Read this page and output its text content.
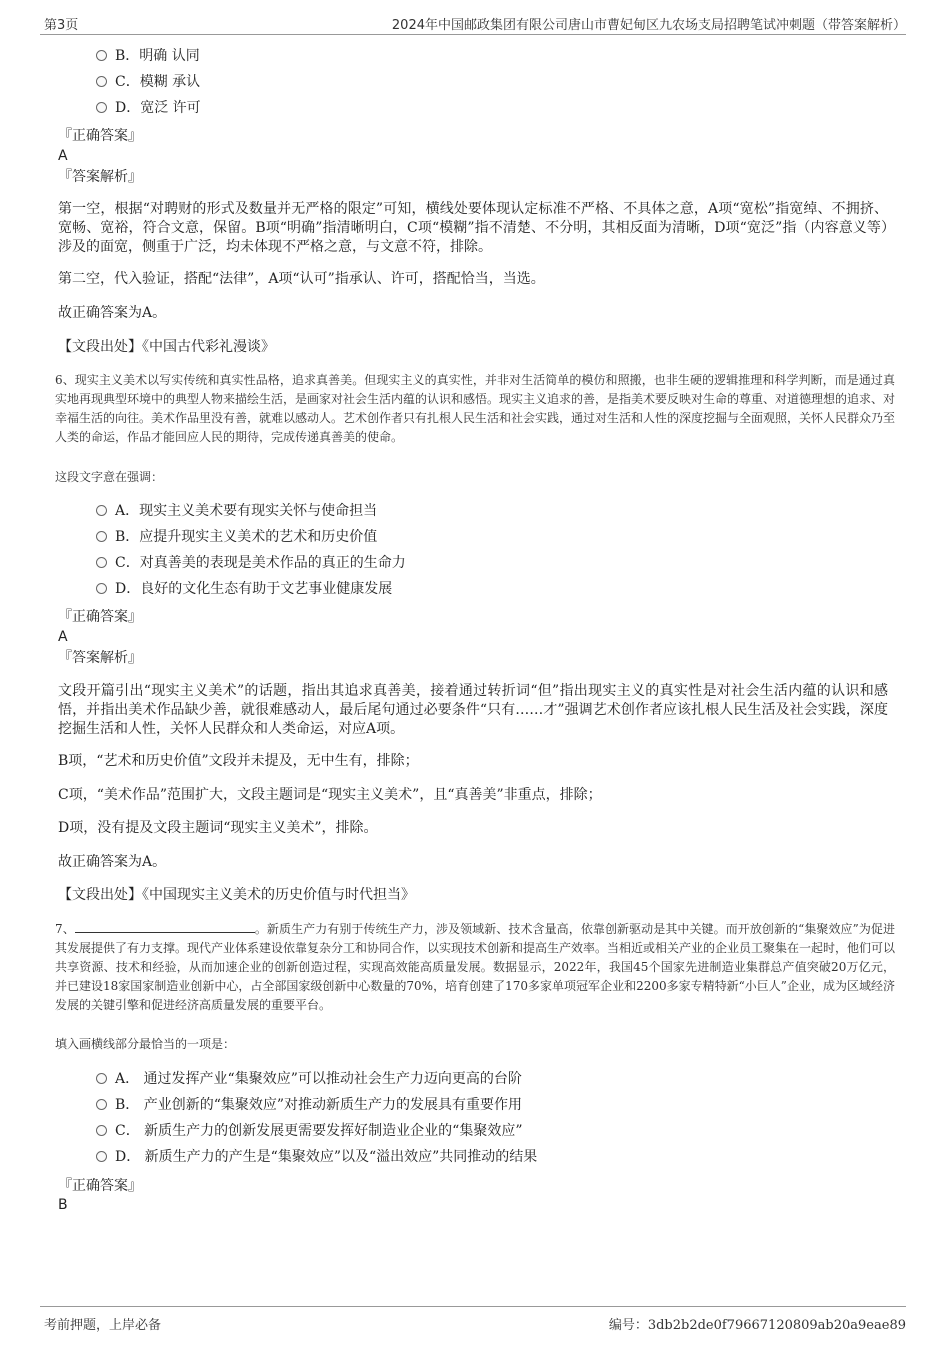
第3页	2024年中国邮政集团有限公司唐山市曹妃甸区九农场支局招聘笔试冲刺题（带答案解析）
B．明确 认同
C．模糊 承认
D．宽泛 许可
『正确答案』
A
『答案解析』
第一空，根据“对聘财的形式及数量并无严格的限定”可知，横线处要体现认定标准不严格、不具体之意，A项“宽松”指宽绰、不拥挤、宽畅、宽裕，符合文意，保留。B项“明确”指清晰明白，C项“模糊”指不清楚、不分明，其相反面为清晰，D项“宽泛”指（内容意义等）涉及的面宽，侧重于广泛，均未体现不严格之意，与文意不符，排除。
第二空，代入验证，搭配“法律”，A项“认可”指承认、许可，搭配恰当，当选。
故正确答案为A。
【文段出处】《中国古代彩礼漫谈》
6、现实主义美术以写实传统和真实性品格，追求真善美。但现实主义的真实性，并非对生活简单的模仿和照搬，也非生硬的逻辑推理和科学判断，而是通过真实地再现典型环境中的典型人物来描绘生活，是画家对社会生活内蕴的认识和感悟。现实主义追求的善，是指美术要反映对生命的尊重、对道德理想的追求、对幸福生活的向往。美术作品里没有善，就难以感动人。艺术创作者只有扎根人民生活和社会实践，通过对生活和人性的深度挖掘与全面观照，关怀人民群众乃至人类的命运，作品才能回应人民的期待，完成传递真善美的使命。
这段文字意在强调：
A．现实主义美术要有现实关怀与使命担当
B．应提升现实主义美术的艺术和历史价值
C．对真善美的表现是美术作品的真正的生命力
D．良好的文化生态有助于文艺事业健康发展
『正确答案』
A
『答案解析』
文段开篇引出“现实主义美术”的话题，指出其追求真善美，接着通过转折词“但”指出现实主义的真实性是对社会生活内蕴的认识和感悟，并指出美术作品缺少善，就很难感动人，最后尾句通过必要条件“只有……才”强调艺术创作者应该扎根人民生活及社会实践，深度挖掘生活和人性，关怀人民群众和人类命运，对应A项。
B项，“艺术和历史价值”文段并未提及，无中生有，排除；
C项，“美术作品”范围扩大，文段主题词是“现实主义美术”，且“真善美”非重点，排除；
D项，没有提及文段主题词“现实主义美术”，排除。
故正确答案为A。
【文段出处】《中国现实主义美术的历史价值与时代担当》
7、	。新质生产力有别于传统生产力，涉及领域新、技术含量高，依靠创新驱动是其中关键。而开放创新的“集聚效应”为促进其发展提供了有力支撑。现代产业体系建设依靠复杂分工和协同合作，以实现技术创新和提高生产效率。当相近或相关产业的企业员工聚集在一起时，他们可以共享资源、技术和经验，从而加速企业的创新创造过程，实现高效能高质量发展。数据显示，2022年，我国45个国家先进制造业集群总产值突破20万亿元，并已建设18家国家制造业创新中心，占全部国家级创新中心数量的70%，培育创建了170多家单项冠军企业和2200多家专精特新“小巨人”企业，成为区域经济发展的关键引擎和促进经济高质量发展的重要平台。
填入画横线部分最恰当的一项是：
A． 通过发挥产业“集聚效应”可以推动社会生产力迈向更高的台阶
B． 产业创新的“集聚效应”对推动新质生产力的发展具有重要作用
C． 新质生产力的创新发展更需要发挥好制造业企业的“集聚效应”
D． 新质生产力的产生是“集聚效应”以及“溢出效应”共同推动的结果
『正确答案』
B
考前押题，上岸必备	编号：3db2b2de0f79667120809ab20a9eae89
